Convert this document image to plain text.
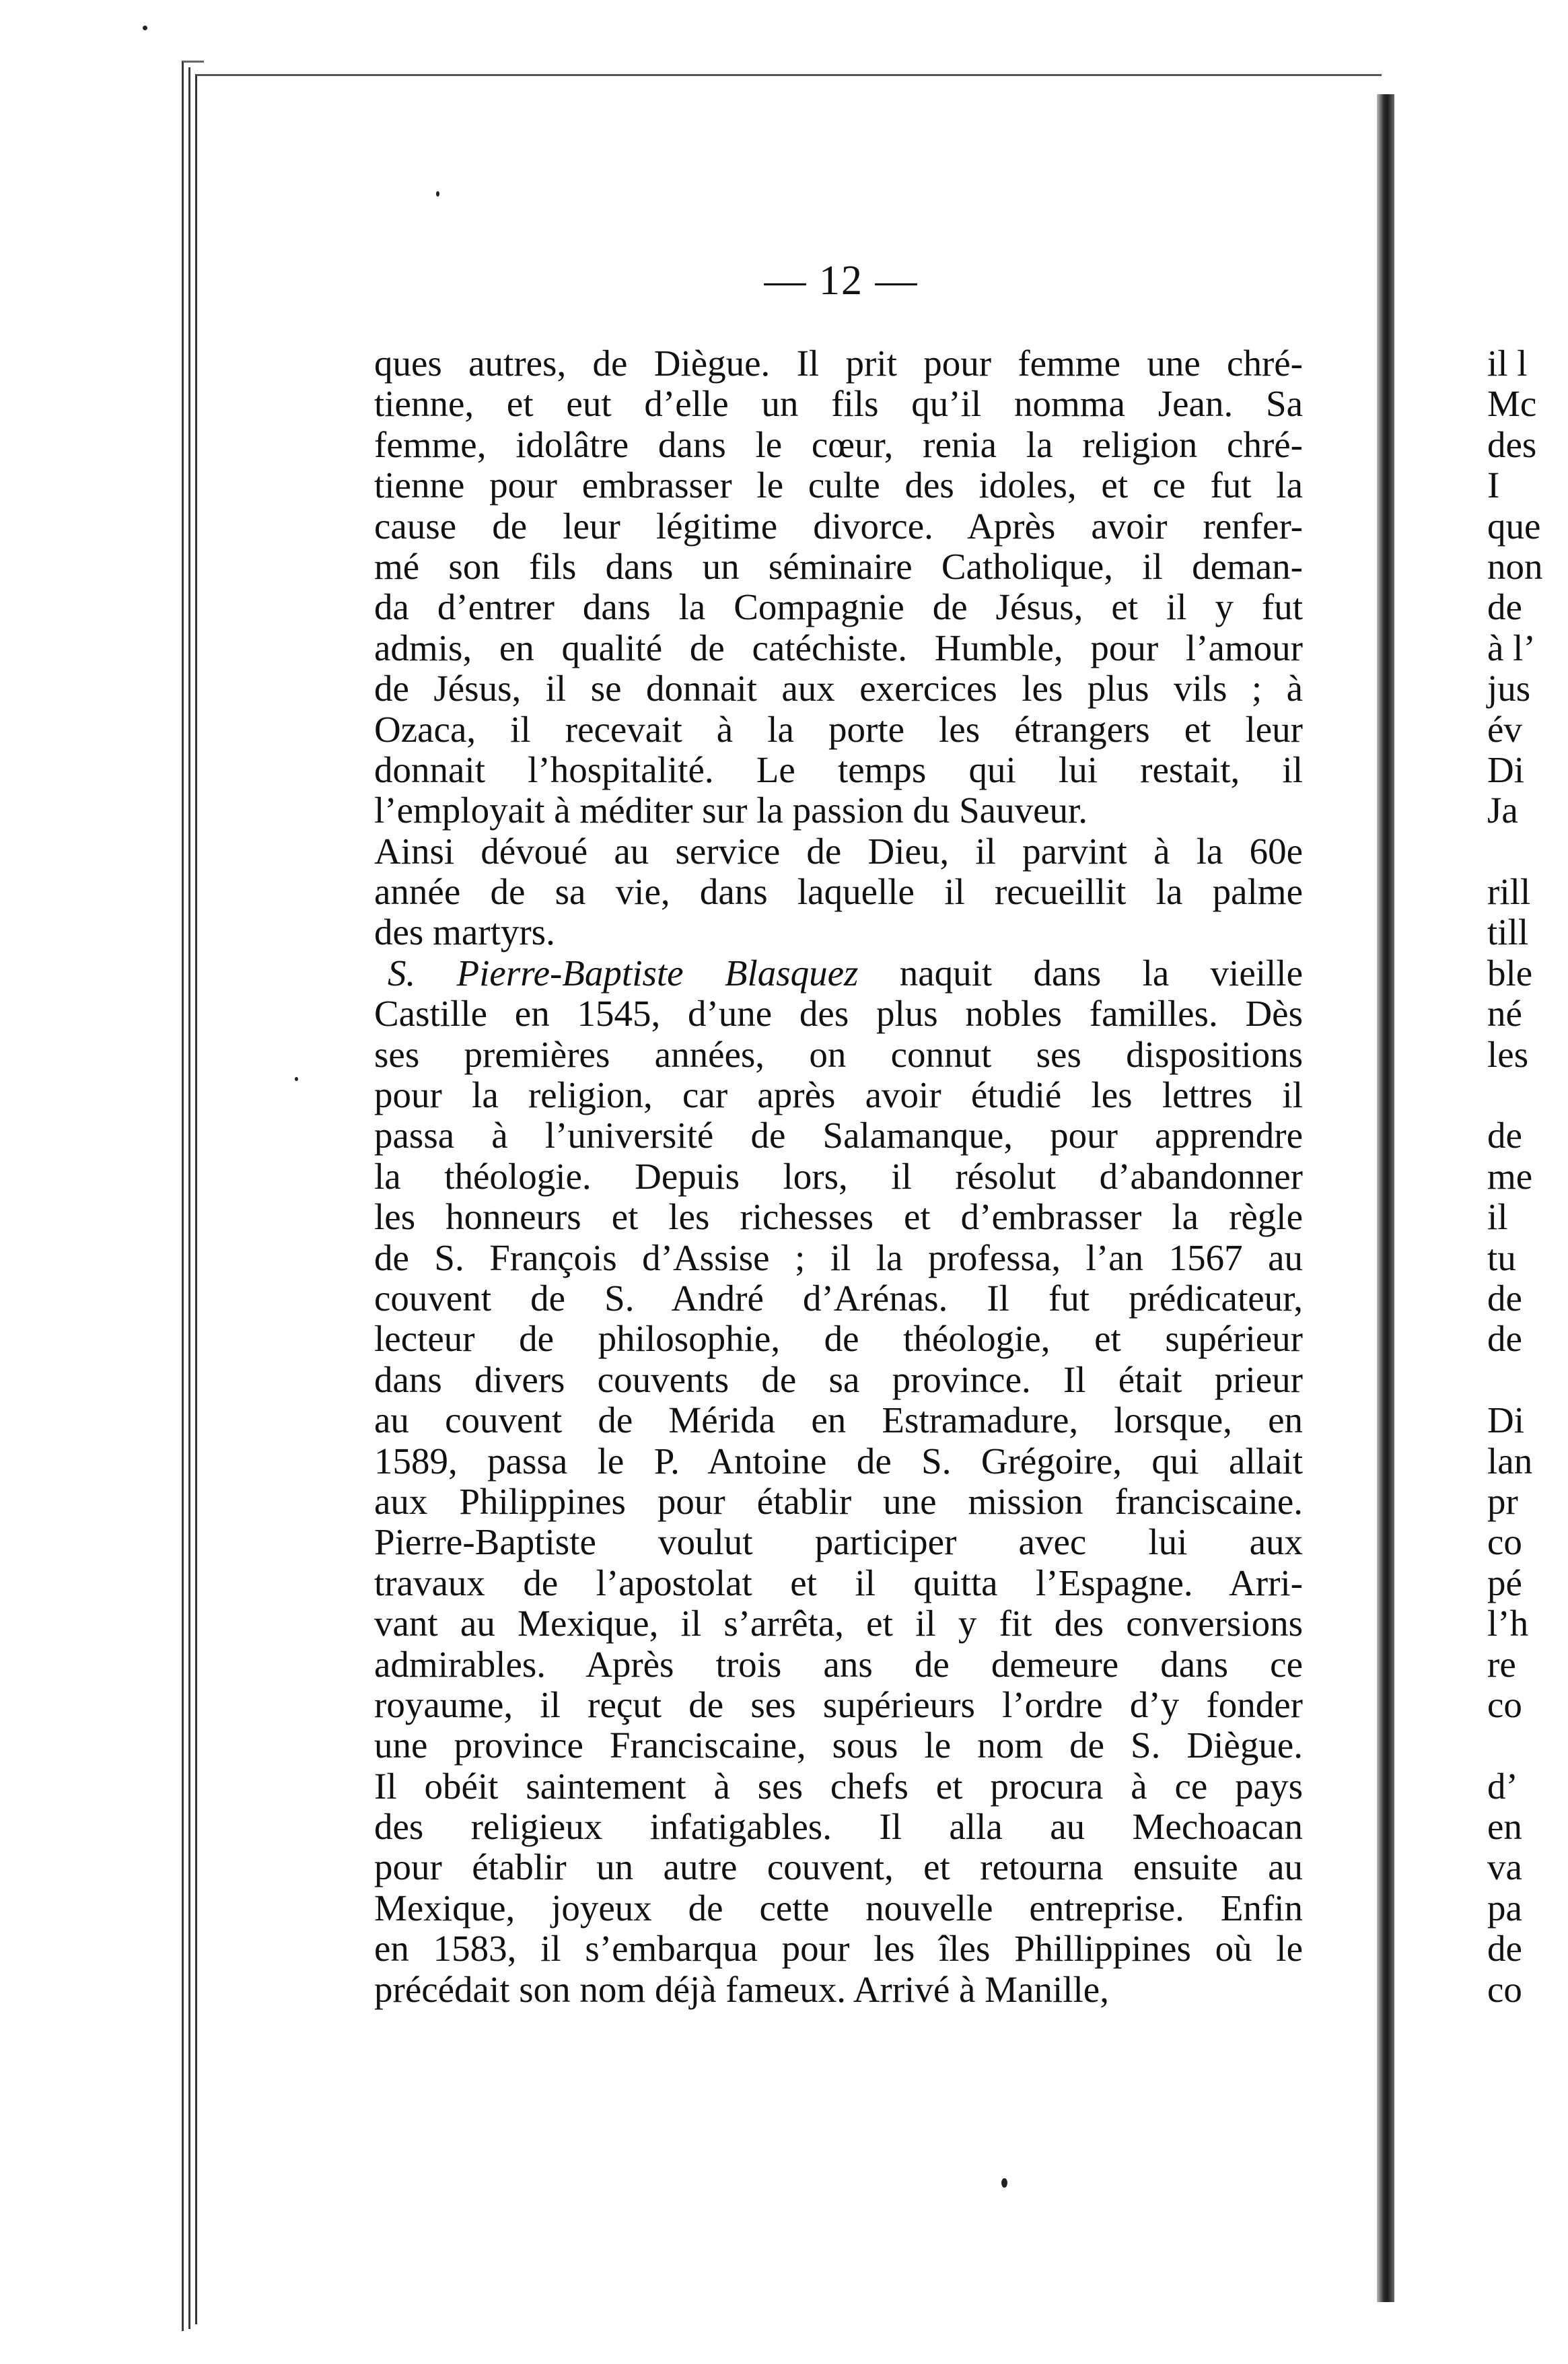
il l
Mc
des
I
que
non
de
à l’
jus
év
Di
Ja
rill
till
ble
né
les
de
me
il
tu
de
de
Di
lan
pr
co
pé
l’h
re
co
d’
en
va
pa
de
co
— 12 —
ques autres, de Diègue. Il prit pour femme une chré-
tienne, et eut d’elle un fils qu’il nomma Jean. Sa
femme, idolâtre dans le cœur, renia la religion chré-
tienne pour embrasser le culte des idoles, et ce fut la
cause de leur légitime divorce. Après avoir renfer-
mé son fils dans un séminaire Catholique, il deman-
da d’entrer dans la Compagnie de Jésus, et il y fut
admis, en qualité de catéchiste. Humble, pour l’amour
de Jésus, il se donnait aux exercices les plus vils ; à
Ozaca, il recevait à la porte les étrangers et leur
donnait l’hospitalité. Le temps qui lui restait, il
l’employait à méditer sur la passion du Sauveur.
Ainsi dévoué au service de Dieu, il parvint à la 60e
année de sa vie, dans laquelle il recueillit la palme
des martyrs.
S. Pierre-Baptiste Blasquez naquit dans la vieille
Castille en 1545, d’une des plus nobles familles. Dès
ses premières années, on connut ses dispositions
pour la religion, car après avoir étudié les lettres il
passa à l’université de Salamanque, pour apprendre
la théologie. Depuis lors, il résolut d’abandonner
les honneurs et les richesses et d’embrasser la règle
de S. François d’Assise ; il la professa, l’an 1567 au
couvent de S. André d’Arénas. Il fut prédicateur,
lecteur de philosophie, de théologie, et supérieur
dans divers couvents de sa province. Il était prieur
au couvent de Mérida en Estramadure, lorsque, en
1589, passa le P. Antoine de S. Grégoire, qui allait
aux Philippines pour établir une mission franciscaine.
Pierre-Baptiste voulut participer avec lui aux
travaux de l’apostolat et il quitta l’Espagne. Arri-
vant au Mexique, il s’arrêta, et il y fit des conversions
admirables. Après trois ans de demeure dans ce
royaume, il reçut de ses supérieurs l’ordre d’y fonder
une province Franciscaine, sous le nom de S. Diègue.
Il obéit saintement à ses chefs et procura à ce pays
des religieux infatigables. Il alla au Mechoacan
pour établir un autre couvent, et retourna ensuite au
Mexique, joyeux de cette nouvelle entreprise. Enfin
en 1583, il s’embarqua pour les îles Phillippines où le
précédait son nom déjà fameux. Arrivé à Manille,
